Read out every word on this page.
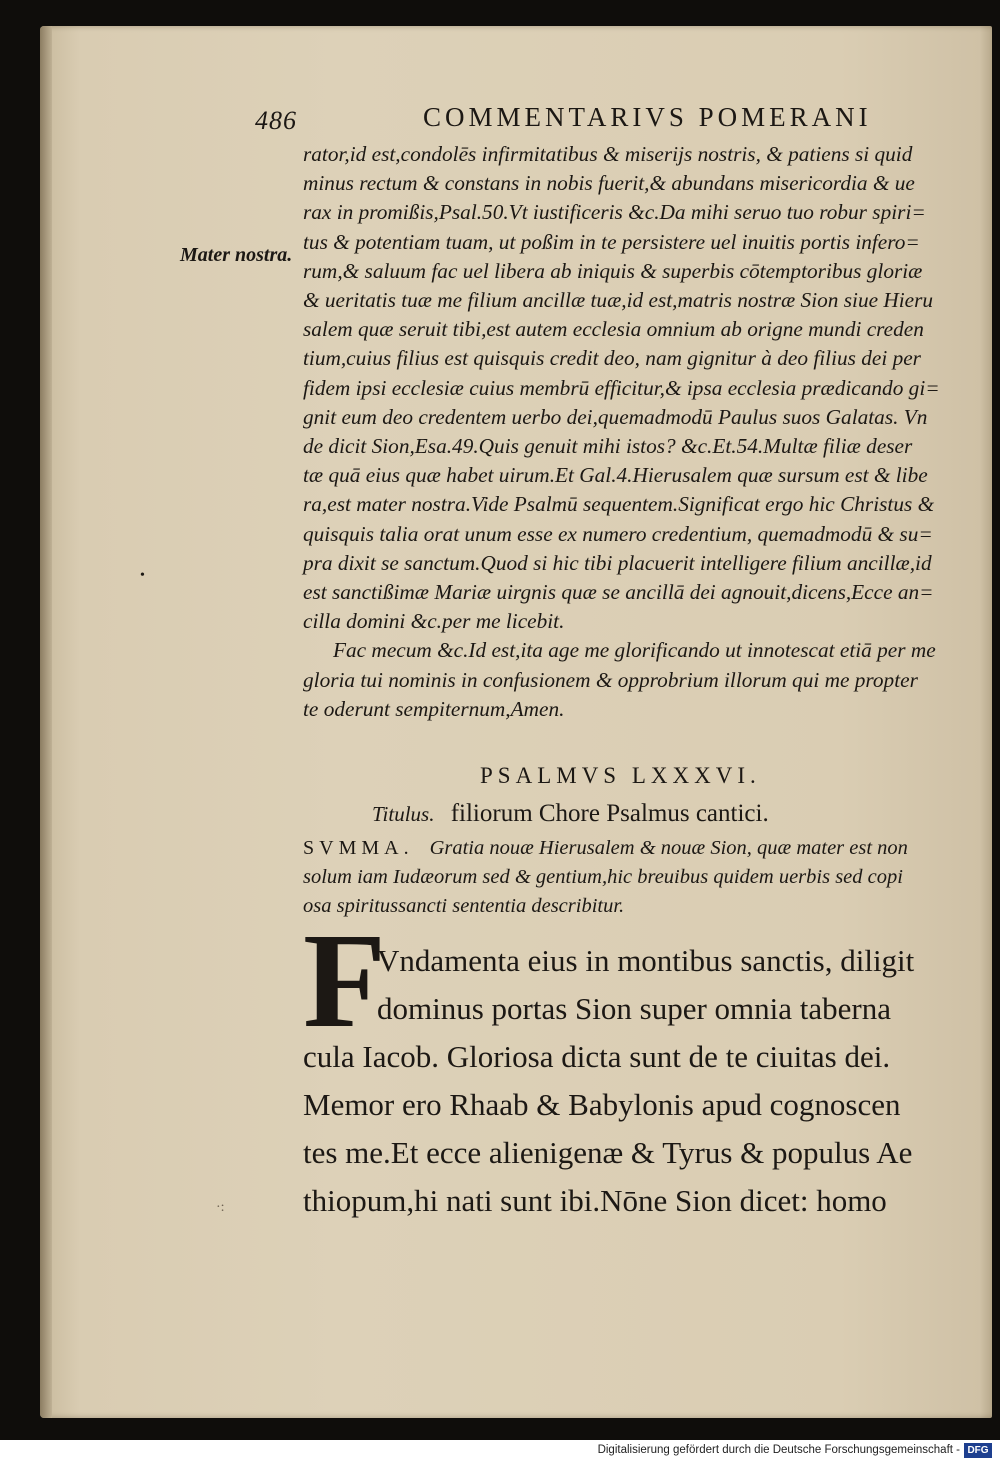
486	COMMENTARIVS POMERANI
Mater nostra.
•
·:
rator,id est,condolēs infirmitatibus & miserijs nostris, & patiens si quid
minus rectum & constans in nobis fuerit,& abundans misericordia & ue
rax in promißis,Psal.50.Vt iustificeris &c.Da mihi seruo tuo robur spiri=
tus & potentiam tuam, ut poßim in te persistere uel inuitis portis infero=
rum,& saluum fac uel libera ab iniquis & superbis cōtemptoribus gloriæ
& ueritatis tuæ me filium ancillæ tuæ,id est,matris nostræ Sion siue Hieru
salem quæ seruit tibi,est autem ecclesia omnium ab origne mundi creden
tium,cuius filius est quisquis credit deo, nam gignitur à deo filius dei per
fidem ipsi ecclesiæ cuius membrū efficitur,& ipsa ecclesia prædicando gi=
gnit eum deo credentem uerbo dei,quemadmodū Paulus suos Galatas. Vn
de dicit Sion,Esa.49.Quis genuit mihi istos? &c.Et.54.Multæ filiæ deser
tæ quā eius quæ habet uirum.Et Gal.4.Hierusalem quæ sursum est & libe
ra,est mater nostra.Vide Psalmū sequentem.Significat ergo hic Christus &
quisquis talia orat unum esse ex numero credentium, quemadmodū & su=
pra dixit se sanctum.Quod si hic tibi placuerit intelligere filium ancillæ,id
est sanctißimæ Mariæ uirgnis quæ se ancillā dei agnouit,dicens,Ecce an=
cilla domini &c.per me licebit.
Fac mecum &c.Id est,ita age me glorificando ut innotescat etiā per me
gloria tui nominis in confusionem & opprobrium illorum qui me propter
te oderunt sempiternum,Amen.
PSALMVS LXXXVI.
Titulus. filiorum Chore Psalmus cantici.
SVMMA. Gratia nouæ Hierusalem & nouæ Sion, quæ mater est non
solum iam Iudæorum sed & gentium,hic breuibus quidem uerbis sed copi
osa spiritussancti sententia describitur.
F
Vndamenta eius in montibus sanctis, diligit
dominus portas Sion super omnia taberna
cula Iacob. Gloriosa dicta sunt de te ciuitas dei.
Memor ero Rhaab & Babylonis apud cognoscen
tes me.Et ecce alienigenæ & Tyrus & populus Ae
thiopum,hi nati sunt ibi.Nōne Sion dicet: homo
Digitalisierung gefördert durch die Deutsche Forschungsgemeinschaft - DFG
